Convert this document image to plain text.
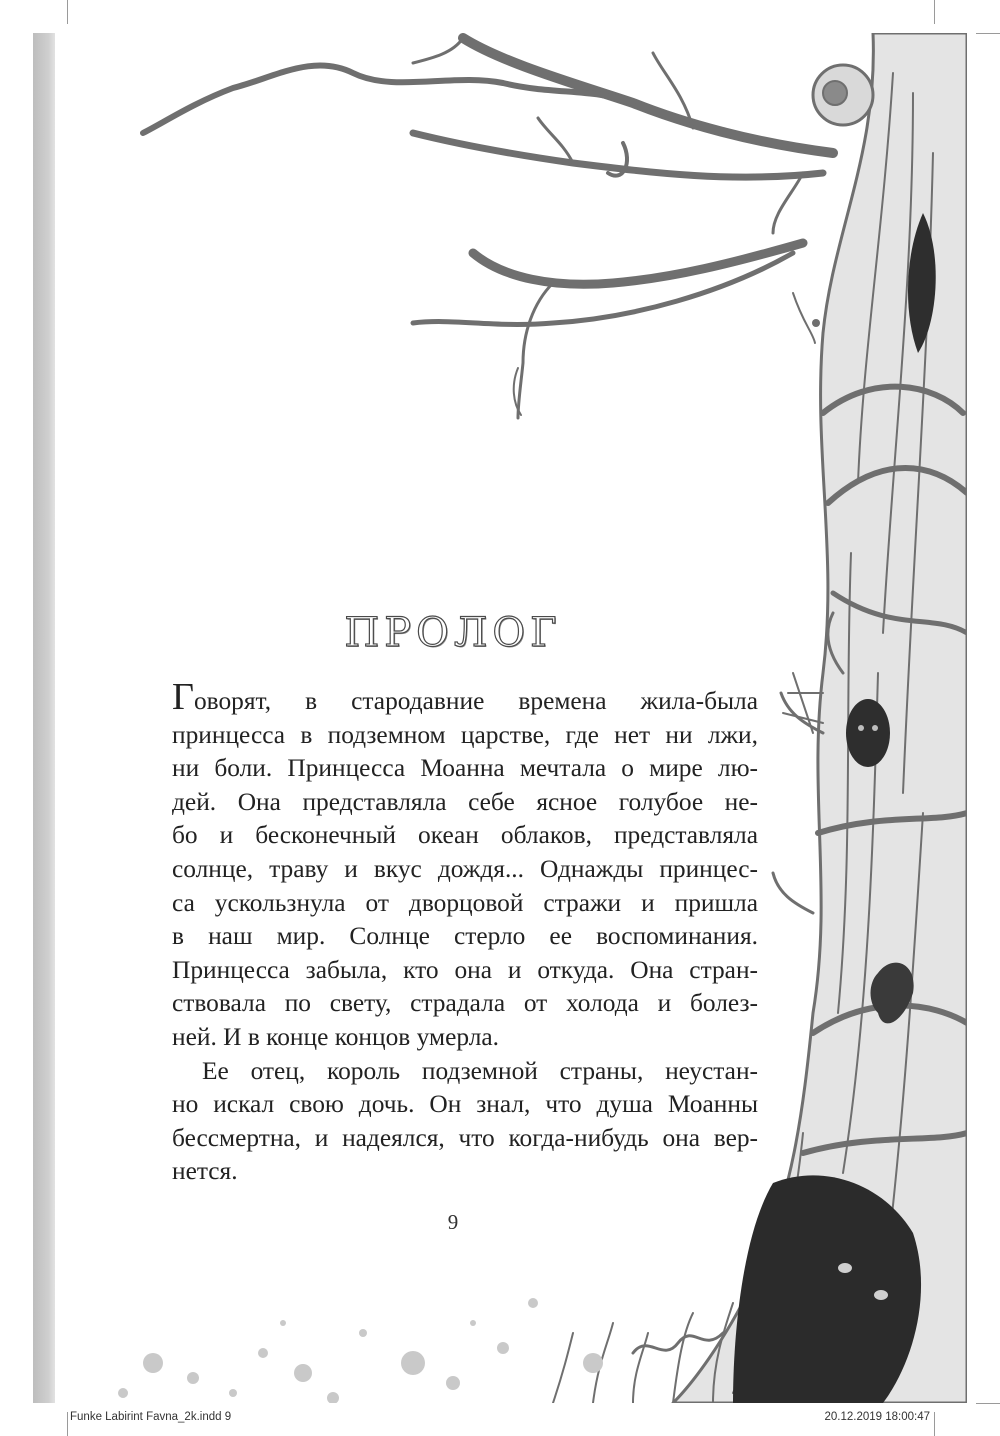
ПРОЛОГ
Говорят, в стародавние времена жила-была
принцесса в подземном царстве, где нет ни лжи,
ни боли. Принцесса Моанна мечтала о мире лю-
дей. Она представляла себе ясное голубое не-
бо и бесконечный океан облаков, представляла
солнце, траву и вкус дождя... Однажды принцес-
са ускользнула от дворцовой стражи и пришла
в наш мир. Солнце стерло ее воспоминания.
Принцесса забыла, кто она и откуда. Она стран-
ствовала по свету, страдала от холода и болез-
ней. И в конце концов умерла.
Ее отец, король подземной страны, неустан-
но искал свою дочь. Он знал, что душа Моанны
бессмертна, и надеялся, что когда-нибудь она вер-
нется.
9
Funke Labirint Favna_2k.indd 9	20.12.2019 18:00:47
